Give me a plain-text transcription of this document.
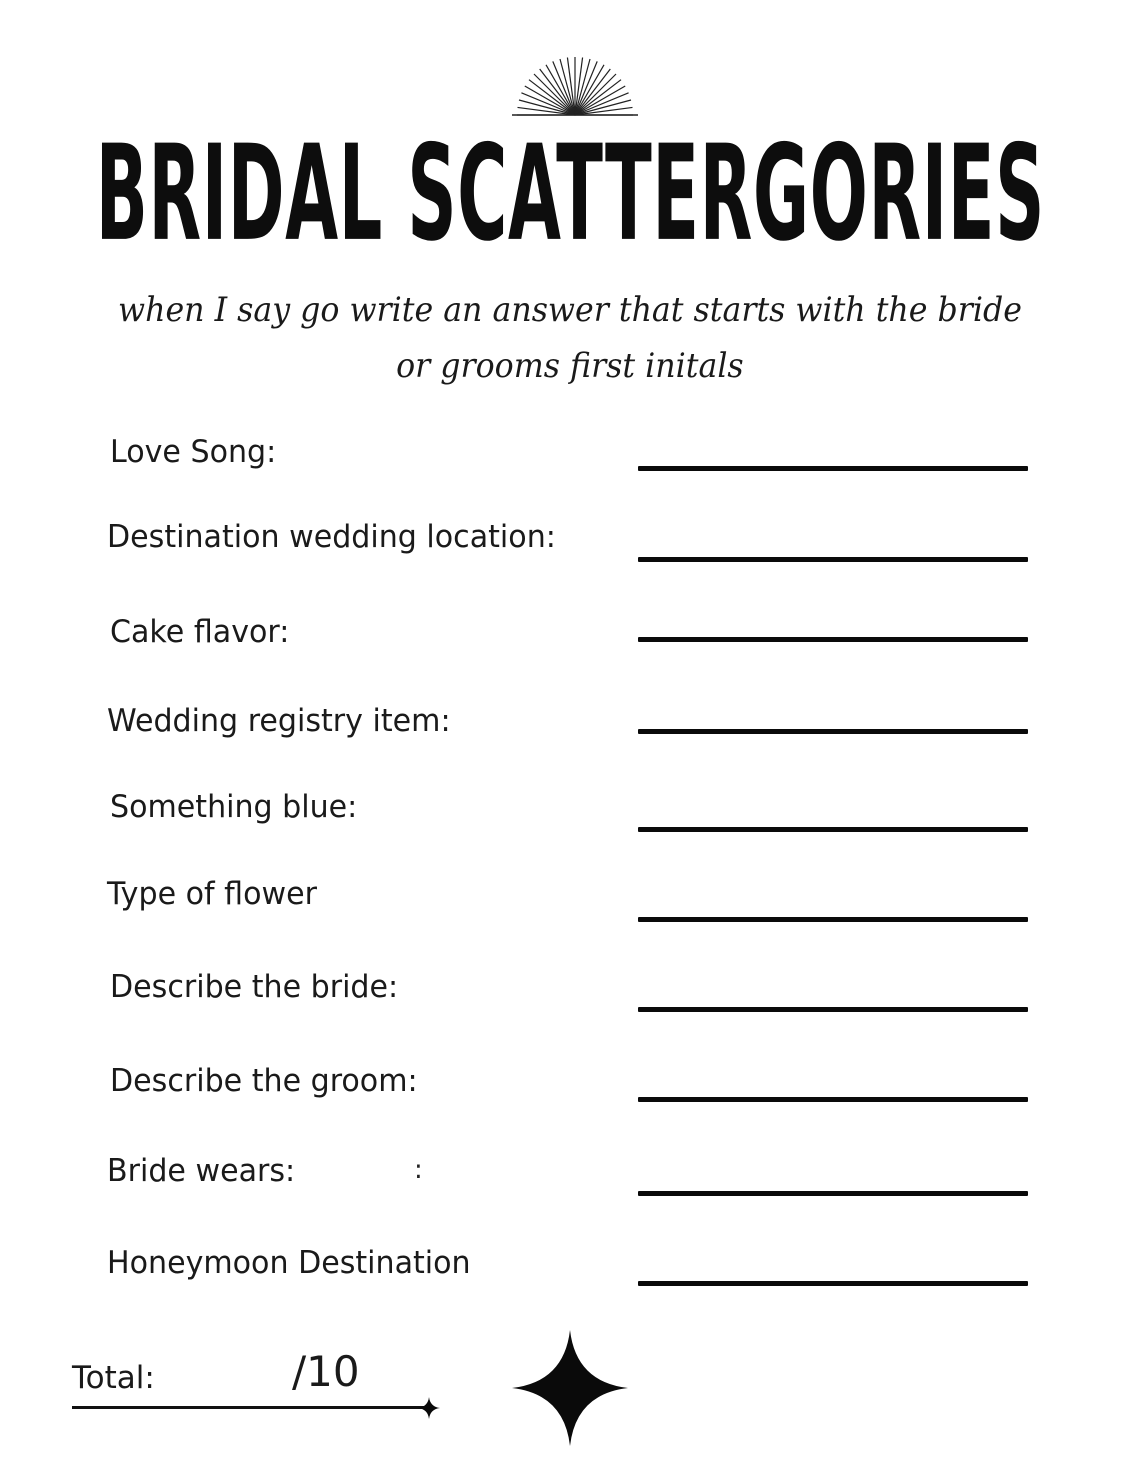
BRIDAL SCATTERGORIES
when I say go write an answer that starts with the bride
or grooms first initals
Love Song:
Destination wedding location:
Cake flavor:
Wedding registry item:
Something blue:
Type of flower
Describe the bride:
Describe the groom:
Bride wears:	:
Honeymoon Destination
Total:	/10
